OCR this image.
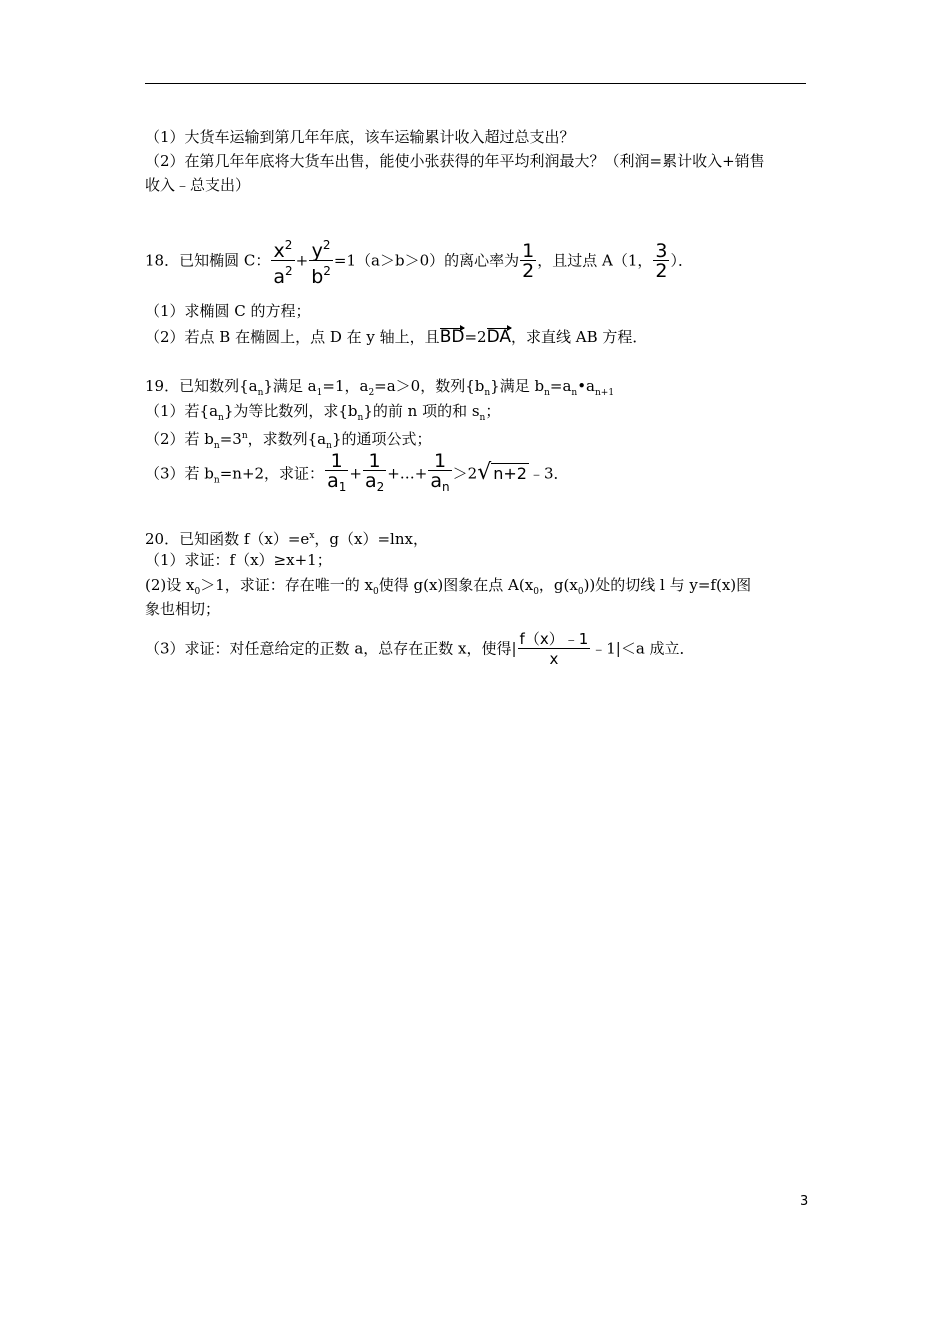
（1）大货车运输到第几年年底，该车运输累计收入超过总支出？
（2）在第几年年底将大货车出售，能使小张获得的年平均利润最大？（利润=累计收入+销售
收入﹣总支出）
18．已知椭圆 C： $\frac{x^2}{a^2} + \frac{y^2}{b^2} =1(a>b>0)$的离心率为 $\frac{1}{2}$ ，且过点 A（1， $\frac{3}{2}$ ）．
（1）求椭圆 C 的方程；
（2）若点 B 在椭圆上，点 D 在 y 轴上，且BD=2DA，求直线 AB 方程．
19．已知数列$\{a_n\}$满足 $a_1=1$，$a_2=a>0$，数列$\{b_n\}$满足 $b_n=a_n•a_{n+1}$
（1）若$\{a_n\}$为等比数列，求$\{b_n\}$的前 n 项的和 $s_n$；
（2）若 $b_n=3^n$，求数列$\{a_n\}$的通项公式；
（3）若 $b_n=n+2$，求证： $\frac{1}{a_1} + \frac{1}{a_2}$ +…+ $\frac{1}{a_n} >2√$ n+2 ﹣3．
20．已知函数 $f(x)=e^x$，g（x）=lnx，
（1）求证：f（x）≥x+1；
(2)设 $x_0>1$，求证：存在唯一的 $x_0$使得 g(x)图象在点 $A(x_0$，$g(x_0)$)处的切线 l 与 y=f(x)图
象也相切；
（3）求证：对任意给定的正数 a，总存在正数 x，使得| $\frac{f(x)﹣1}{x}$ ﹣1|＜a 成立．
3
